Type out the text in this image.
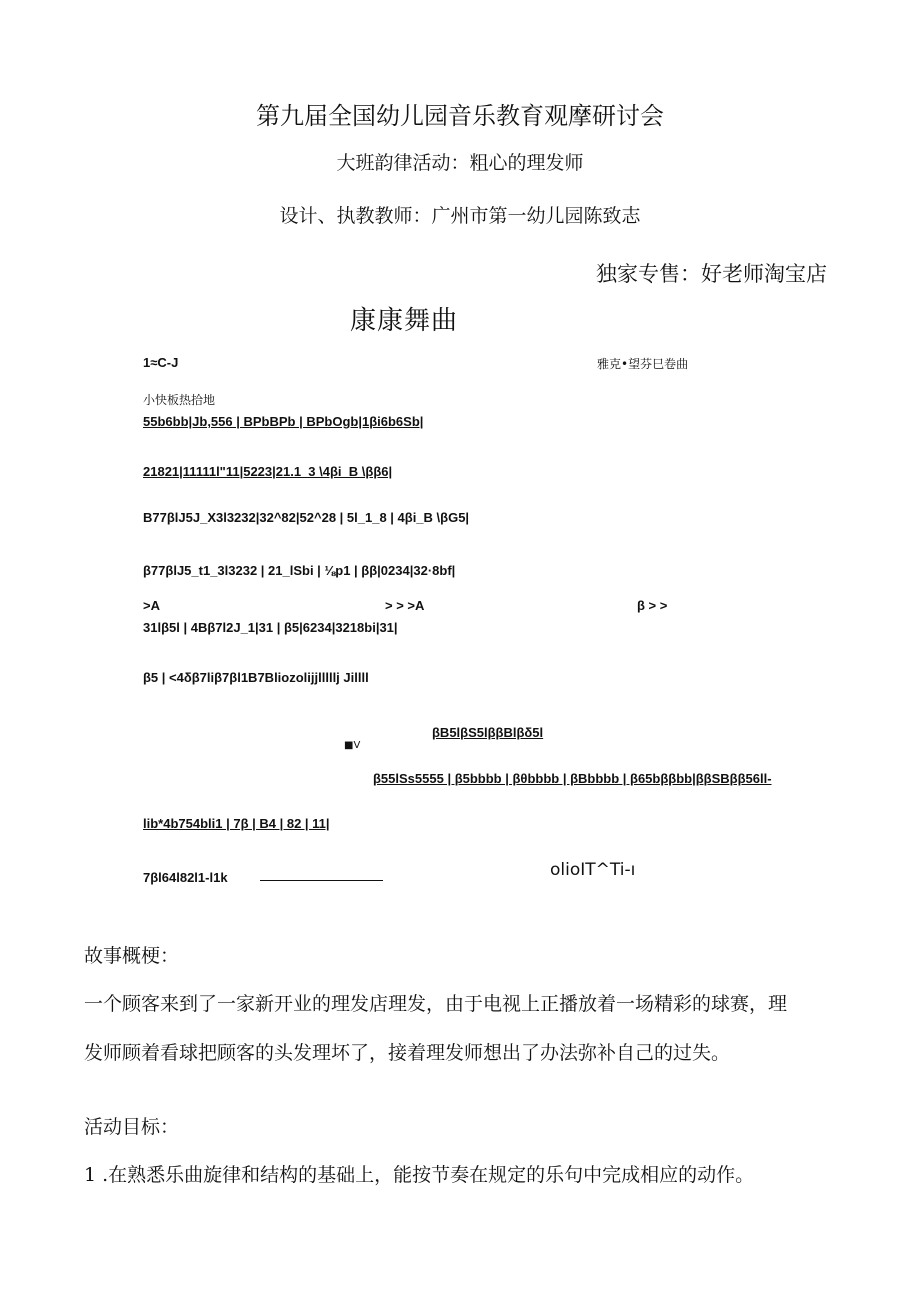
第九届全国幼儿园音乐教育观摩研讨会
大班韵律活动：粗心的理发师
设计、执教教师：广州市第一幼儿园陈致志
独家专售：好老师淘宝店
康康舞曲
1≈C-J	雅克•望芬巳卷曲
小快板热拾地
55b6bb|Jb,556 | BPbBPb | BPbOgb|1βi6b6Sb|
21821|11111l"11|5223|21.1_3 \4βi_B \ββ6|
B77βlJ5J_X3l3232|32^82|52^28 | 5l_1_8 | 4βi_B \βG5|
β77βlJ5_t1_3l3232 | 21_lSbi | ⅛p1 | ββ|0234|32·8bf|
>A	> > >A	β > >
31lβ5l | 4Bβ7l2J_1|31 | β5|6234|3218bi|31|
β5 | <4δβ7liβ7βl1B7Bliozolijjlllllj Jillll
βB5lβS5lββBlβδ5l
■V
β55lSs5555 | β5bbbb | βθbbbb | βBbbbb | β65bββbb|ββSBββ56ll-
lib*4b754bli1 | 7β | B4 | 82 | 11|
7βl64l82l1-l1k	olioIT^Ti-ı
故事概梗：
一个顾客来到了一家新开业的理发店理发，由于电视上正播放着一场精彩的球赛，理
发师顾着看球把顾客的头发理坏了，接着理发师想出了办法弥补自己的过失。
活动目标：
1 .在熟悉乐曲旋律和结构的基础上，能按节奏在规定的乐句中完成相应的动作。
